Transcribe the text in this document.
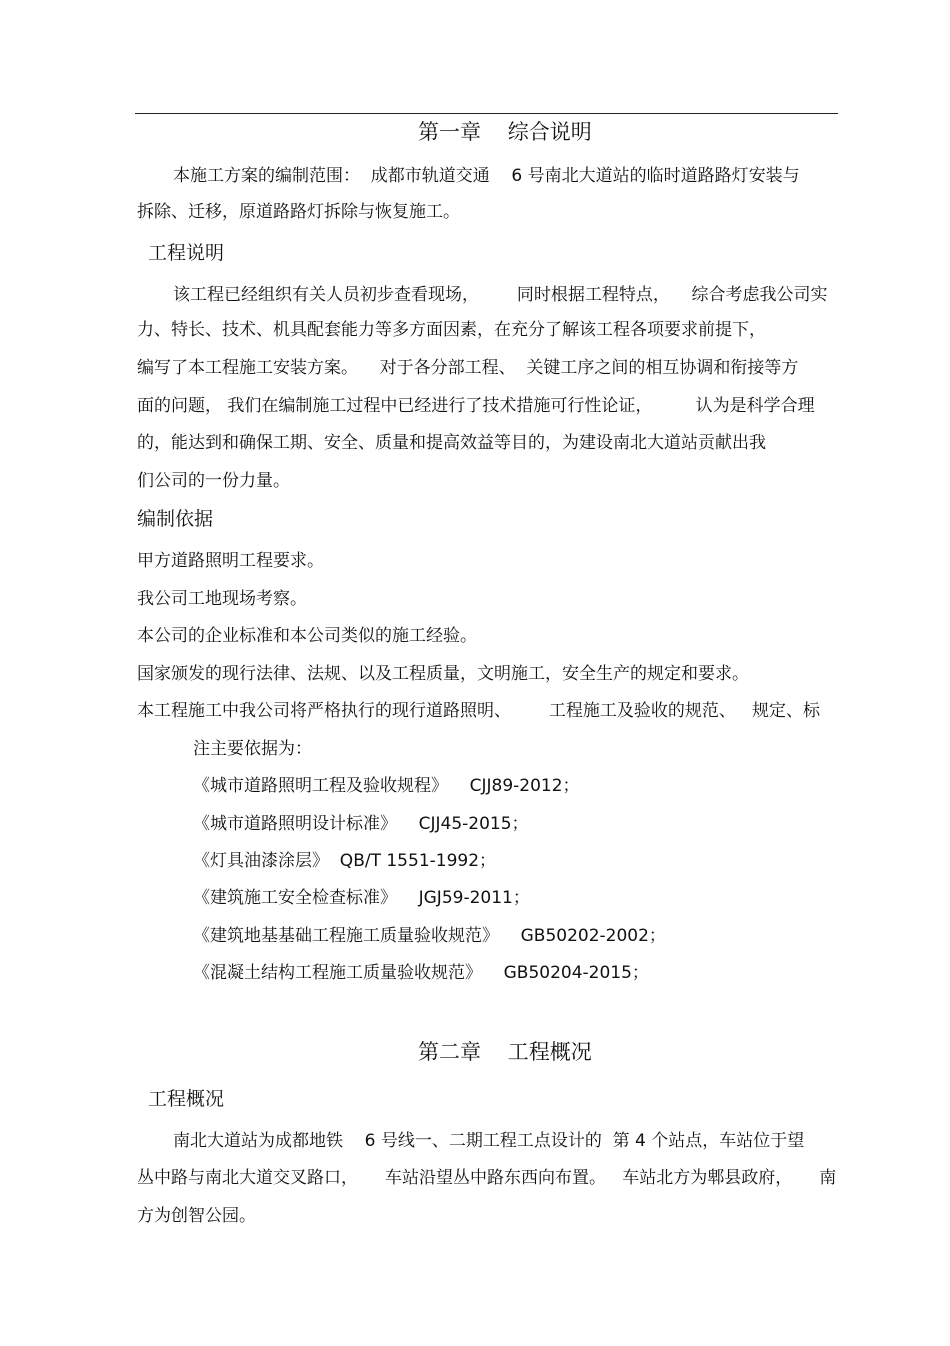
第一章    综合说明
本施工方案的编制范围：  成都市轨道交通    6 号南北大道站的临时道路路灯安装与
拆除、迁移，原道路路灯拆除与恢复施工。
工程说明
该工程已经组织有关人员初步查看现场，       同时根据工程特点，    综合考虑我公司实
力、特长、技术、机具配套能力等多方面因素，在充分了解该工程各项要求前提下，
编写了本工程施工安装方案。    对于各分部工程、  关键工序之间的相互协调和衔接等方
面的问题， 我们在编制施工过程中已经进行了技术措施可行性论证，        认为是科学合理
的，能达到和确保工期、安全、质量和提高效益等目的，为建设南北大道站贡献出我
们公司的一份力量。
编制依据
甲方道路照明工程要求。
我公司工地现场考察。
本公司的企业标准和本公司类似的施工经验。
国家颁发的现行法律、法规、以及工程质量，文明施工，安全生产的规定和要求。
本工程施工中我公司将严格执行的现行道路照明、       工程施工及验收的规范、   规定、标
注主要依据为：
《城市道路照明工程及验收规程》    CJJ89-2012；
《城市道路照明设计标准》    CJJ45-2015；
《灯具油漆涂层》  QB/T 1551-1992；
《建筑施工安全检查标准》    JGJ59-2011；
《建筑地基基础工程施工质量验收规范》    GB50202-2002；
《混凝土结构工程施工质量验收规范》    GB50204-2015；
第二章    工程概况
工程概况
南北大道站为成都地铁    6 号线一、二期工程工点设计的  第 4 个站点，车站位于望
丛中路与南北大道交叉路口，     车站沿望丛中路东西向布置。   车站北方为郫县政府，     南
方为创智公园。
